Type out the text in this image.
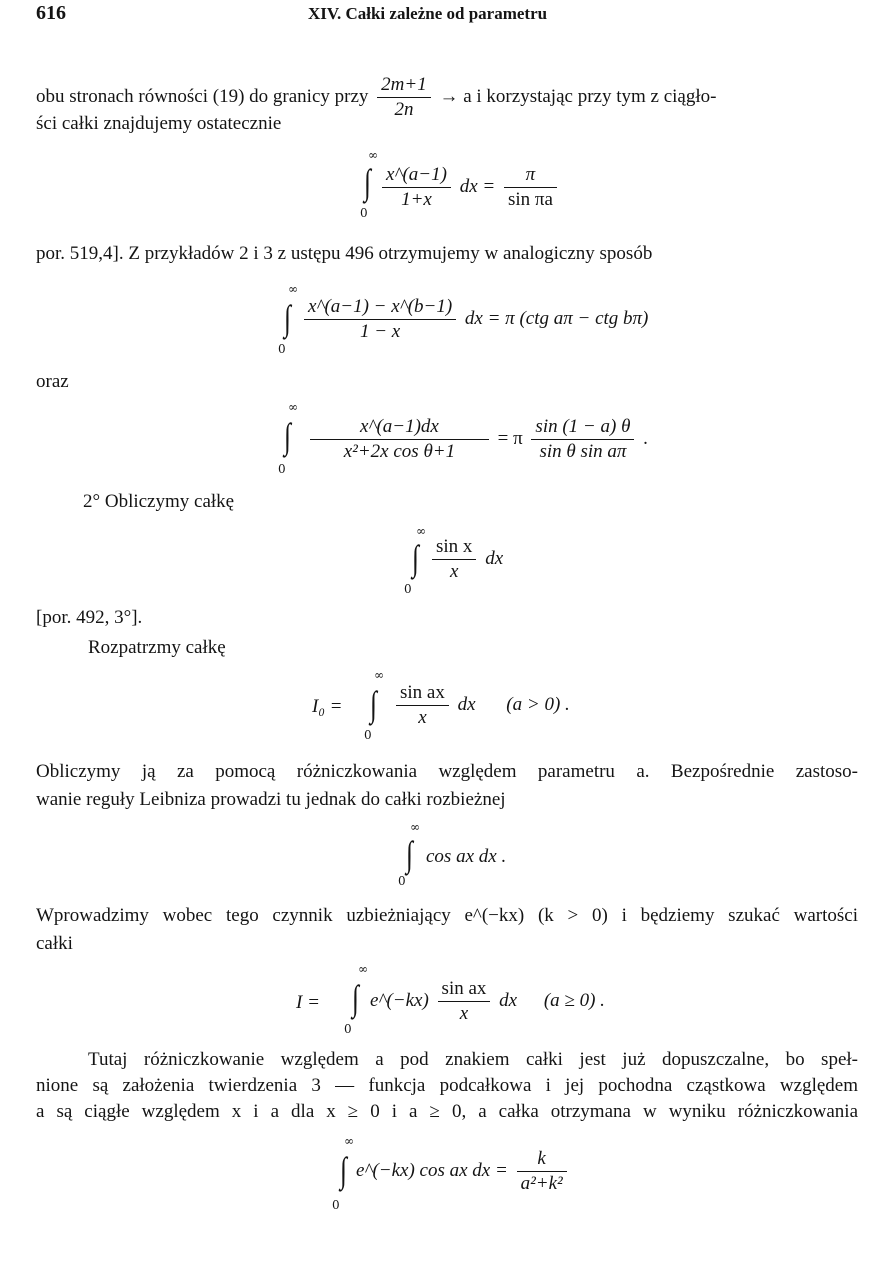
616	XIV. Całki zależne od parametru
obu stronach równości (19) do granicy przy $\frac{2m+1}{2n} \to a$ i korzystając przy tym z ciągło-
ści całki znajdujemy ostatecznie
∞
∫
0
$\frac{x\^{}(a-1)}{1+x}$ dx = $\frac{\pi}{\text{sin πa}}$
por. 519,4]. Z przykładów 2 i 3 z ustępu 496 otrzymujemy w analogiczny sposób
∞
∫
0
$\frac{x\^{}(a-1) - x\^{}(b-1)}{1 - x}$ dx = π (ctg aπ − ctg bπ)
oraz
∞
∫
0
$\frac{x\^{}(a-1)dx}{\text{x²+2x cos θ+1}} = \pi \frac{\sin (1 - a) \theta}{\text{sin θ sin aπ}}$ .
2° Obliczymy całkę
∞
∫
0
$\frac{\text{sin x}}{x}$ dx
[por. 492, 3°].
Rozpatrzmy całkę
I₀ =
∞
∫
0
$\frac{\text{sin ax}}{x}$ dx (a > 0) .
Obliczymy ją za pomocą różniczkowania względem parametru a. Bezpośrednie zastoso-
wanie reguły Leibniza prowadzi tu jednak do całki rozbieżnej
∞
∫
0
cos ax dx .
Wprowadzimy wobec tego czynnik uzbieżniający e^(−kx) (k > 0) i będziemy szukać wartości
całki
I =
∞
∫
0
e^(−kx) $\frac{\text{sin ax}}{x}$ dx (a ≥ 0) .
Tutaj różniczkowanie względem a pod znakiem całki jest już dopuszczalne, bo speł-
nione są założenia twierdzenia 3 — funkcja podcałkowa i jej pochodna cząstkowa względem
a są ciągłe względem x i a dla x ≥ 0 i a ≥ 0, a całka otrzymana w wyniku różniczkowania
∞
∫
0
e^(−kx) cos ax dx = $\frac{k}{\text{a²+k²}}$
